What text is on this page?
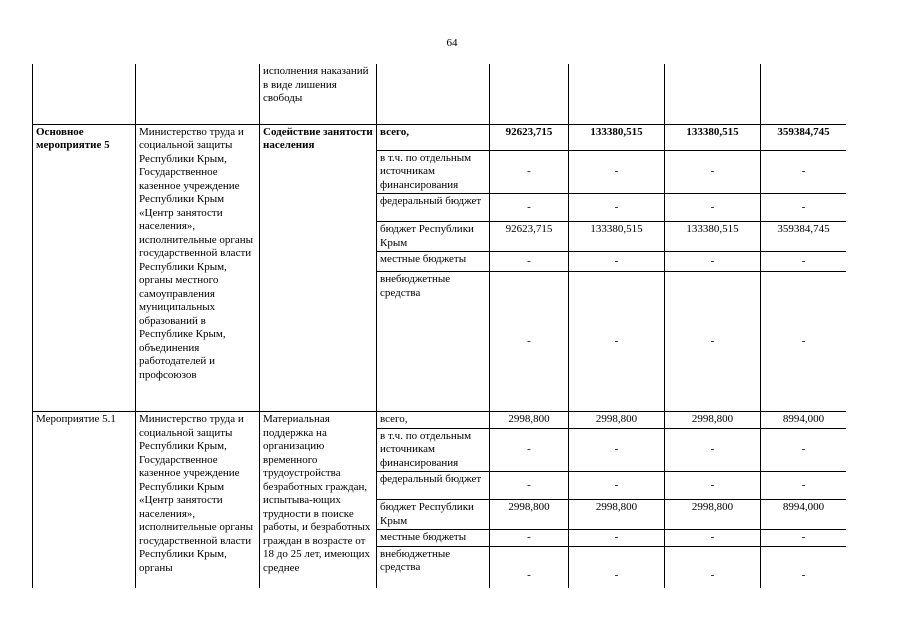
64
		исполнения наказаний в виде лишения свободы					
Основное мероприятие 5	Министерство труда и социальной защиты Республики Крым, Государственное казенное учреждение Республики Крым «Центр занятости населения», исполнительные органы государственной власти Республики Крым, органы местного самоуправления муниципальных образований в Республике Крым, объединения работодателей и профсоюзов	Содействие занятости населения	всего,	92623,715	133380,515	133380,515	359384,745
			в т.ч. по отдельным источникам финансирования	-	-	-	-
			федеральный бюджет	-	-	-	-
			бюджет Республики Крым	92623,715	133380,515	133380,515	359384,745
			местные бюджеты	-	-	-	-
			внебюджетные средства	-	-	-	-
Мероприятие 5.1	Министерство труда и социальной защиты Республики Крым, Государственное казенное учреждение Республики Крым «Центр занятости населения», исполнительные органы государственной власти Республики Крым, органы	Материальная поддержка на организацию временного трудоустройства безработных граждан, испытыва-ющих трудности в поиске работы, и безработных граждан в возрасте от 18 до 25 лет, имеющих среднее	всего,	2998,800	2998,800	2998,800	8994,000
			в т.ч. по отдельным источникам финансирования	-	-	-	-
			федеральный бюджет	-	-	-	-
			бюджет Республики Крым	2998,800	2998,800	2998,800	8994,000
			местные бюджеты	-	-	-	-
			внебюджетные средства	-	-	-	-
